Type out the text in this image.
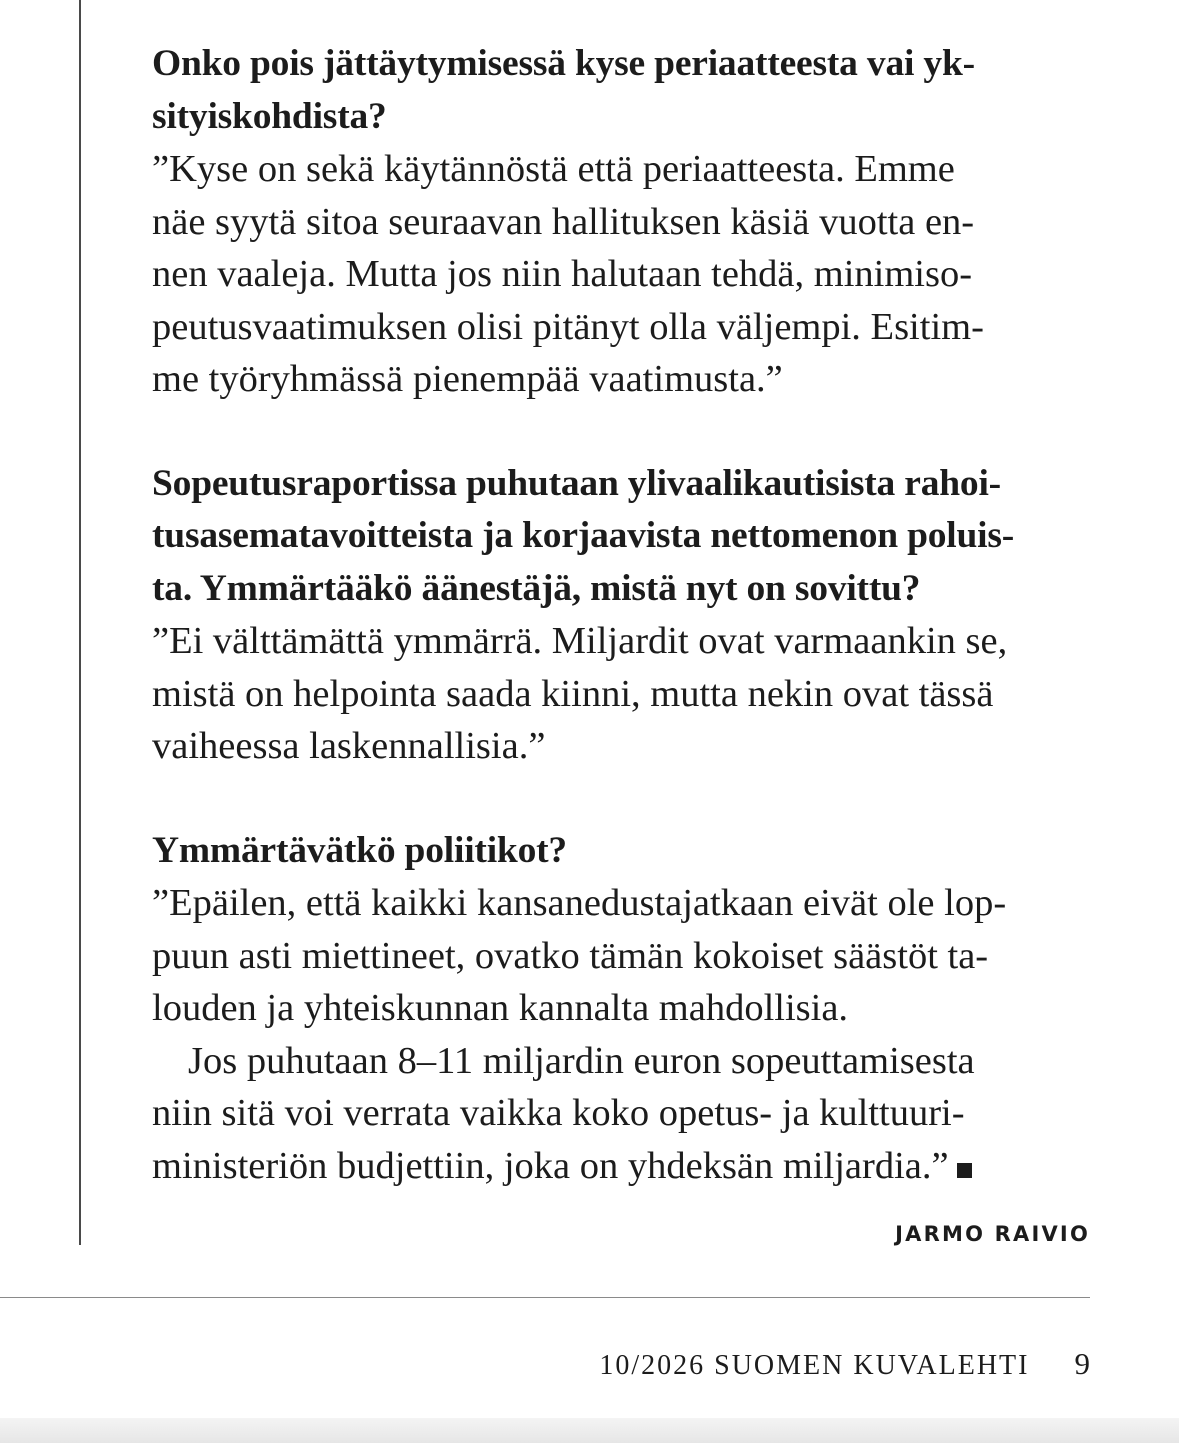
Onko pois jättäytymisessä kyse periaatteesta vai yk-
sityiskohdista?

”Kyse on sekä käytännöstä että periaatteesta. Emme
näe syytä sitoa seuraavan hallituksen käsiä vuotta en-
nen vaaleja. Mutta jos niin halutaan tehdä, minimiso-
peutusvaatimuksen olisi pitänyt olla väljempi. Esitim-
me työryhmässä pienempää vaatimusta.”

Sopeutusraportissa puhutaan ylivaalikautisista rahoi-
tusasematavoitteista ja korjaavista nettomenon poluis-
ta. Ymmärtääkö äänestäjä, mistä nyt on sovittu?

”Ei välttämättä ymmärrä. Miljardit ovat varmaankin se,
mistä on helpointa saada kiinni, mutta nekin ovat tässä
vaiheessa laskennallisia.”

Ymmärtävätkö poliitikot?

”Epäilen, että kaikki kansanedustajatkaan eivät ole lop-
puun asti miettineet, ovatko tämän kokoiset säästöt ta-
louden ja yhteiskunnan kannalta mahdollisia.

Jos puhutaan 8–11 miljardin euron sopeuttamisesta
niin sitä voi verrata vaikka koko opetus- ja kulttuuri-
ministeriön budjettiin, joka on yhdeksän miljardia.”

JARMO RAIVIO
10/2026 SUOMEN KUVALEHTI 9
